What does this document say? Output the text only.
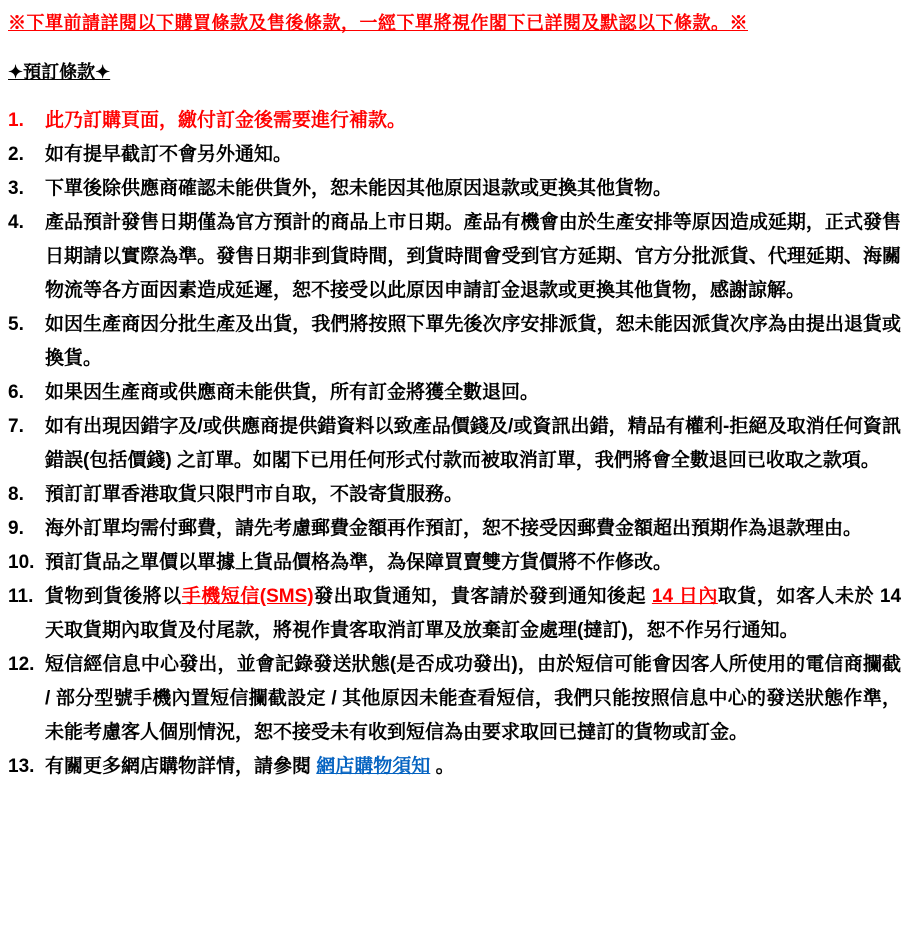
※下單前請詳閱以下購買條款及售後條款，一經下單將視作閣下已詳閱及默認以下條款。※
✦預訂條款✦
1.	此乃訂購頁面，繳付訂金後需要進行補款。
2.	如有提早截訂不會另外通知。
3.	下單後除供應商確認未能供貨外，恕未能因其他原因退款或更換其他貨物。
4.	產品預計發售日期僅為官方預計的商品上市日期。產品有機會由於生產安排等原因造成延期，正式發售日期請以實際為準。發售日期非到貨時間，到貨時間會受到官方延期、官方分批派貨、代理延期、海關物流等各方面因素造成延遲，恕不接受以此原因申請訂金退款或更換其他貨物，感謝諒解。
5.	如因生產商因分批生產及出貨，我們將按照下單先後次序安排派貨，恕未能因派貨次序為由提出退貨或換貨。
6.	如果因生產商或供應商未能供貨，所有訂金將獲全數退回。
7.	如有出現因錯字及/或供應商提供錯資料以致產品價錢及/或資訊出錯，精品有權利-拒絕及取消任何資訊錯誤(包括價錢) 之訂單。如閣下已用任何形式付款而被取消訂單，我們將會全數退回已收取之款項。
8.	預訂訂單香港取貨只限門市自取，不設寄貨服務。
9.	海外訂單均需付郵費，請先考慮郵費金額再作預訂，恕不接受因郵費金額超出預期作為退款理由。
10. 預訂貨品之單價以單據上貨品價格為準，為保障買賣雙方貨價將不作修改。
11. 貨物到貨後將以手機短信(SMS)發出取貨通知，貴客請於發到通知後起 14 日內取貨，如客人未於 14 天取貨期內取貨及付尾款，將視作貴客取消訂單及放棄訂金處理(撻訂)，恕不作另行通知。
12. 短信經信息中心發出，並會記錄發送狀態(是否成功發出)，由於短信可能會因客人所使用的電信商攔截 / 部分型號手機內置短信攔截設定 / 其他原因未能查看短信，我們只能按照信息中心的發送狀態作準，未能考慮客人個別情況，恕不接受未有收到短信為由要求取回已撻訂的貨物或訂金。
13. 有關更多網店購物詳情，請參閱 網店購物須知 。
